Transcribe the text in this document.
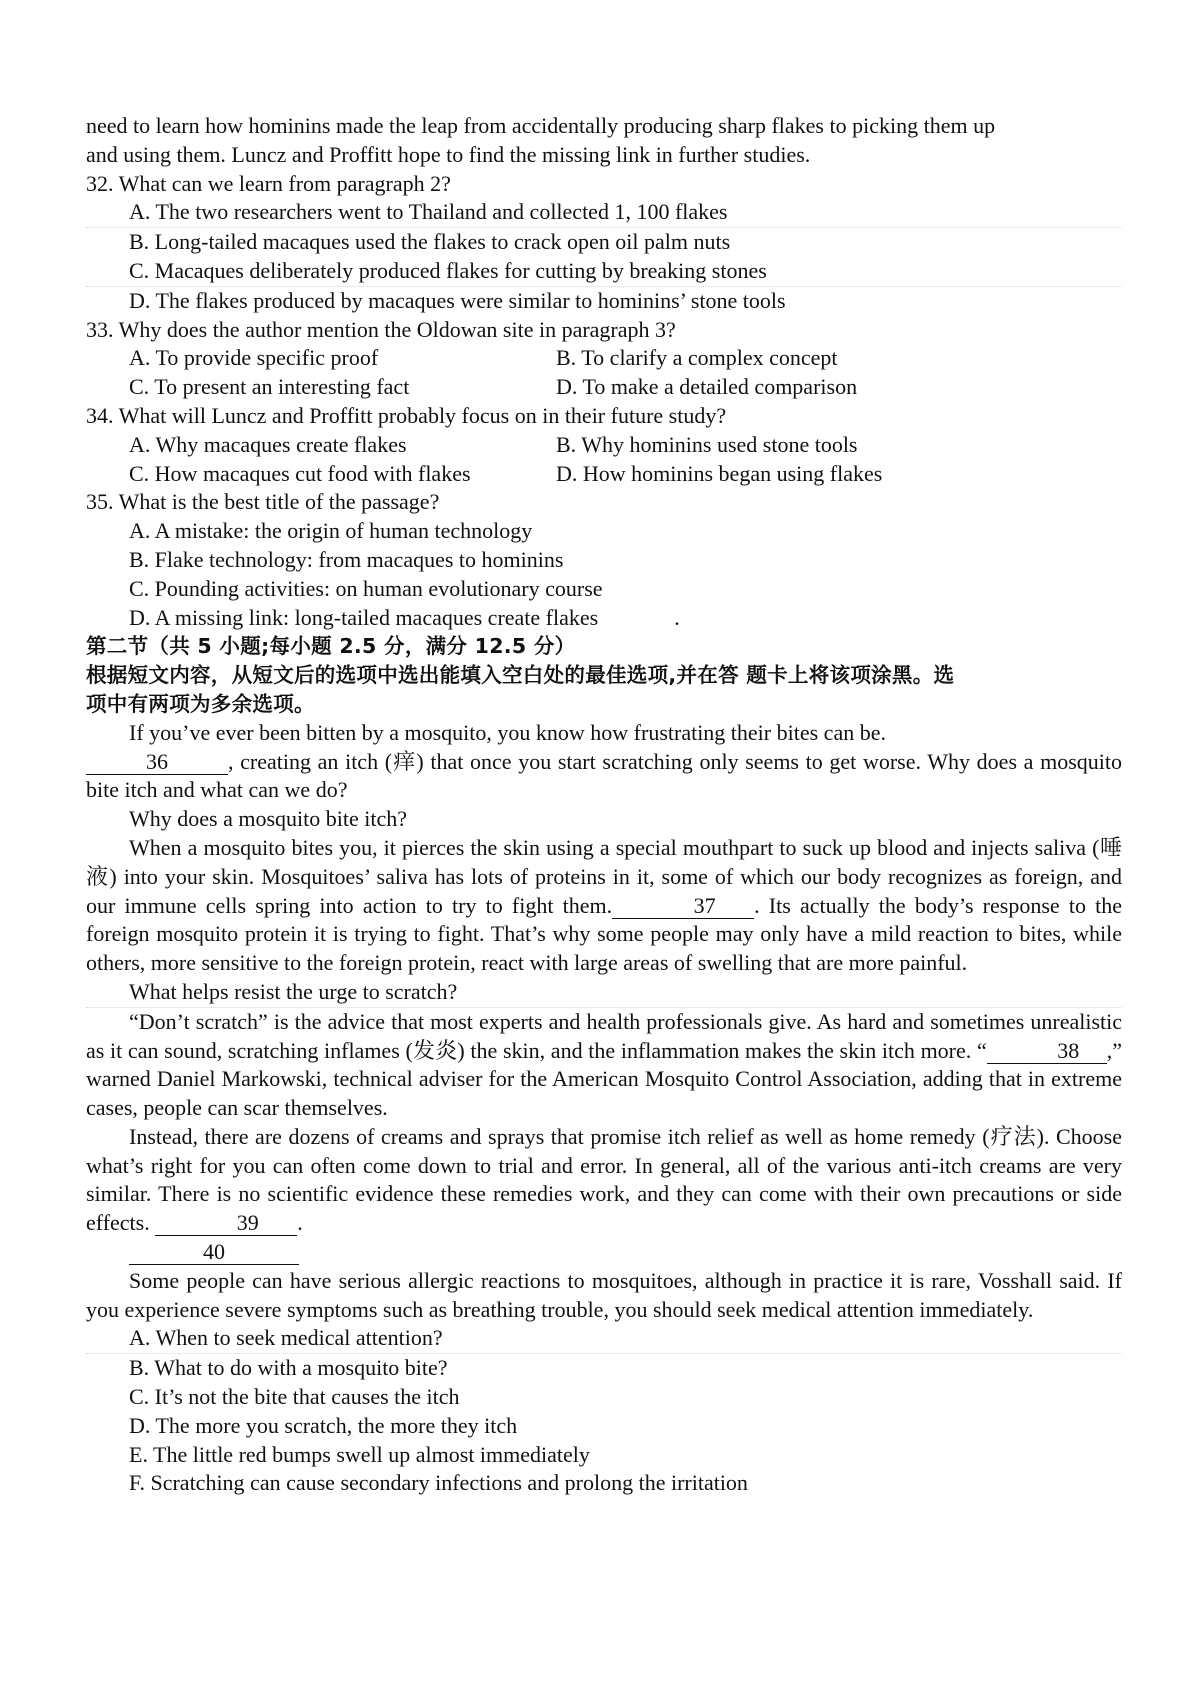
need to learn how hominins made the leap from accidentally producing sharp flakes to picking them up

and using them. Luncz and Proffitt hope to find the missing link in further studies.

32. What can we learn from paragraph 2?

A. The two researchers went to Thailand and collected 1, 100 flakes

B. Long-tailed macaques used the flakes to crack open oil palm nuts

C. Macaques deliberately produced flakes for cutting by breaking stones

D. The flakes produced by macaques were similar to hominins’ stone tools

33. Why does the author mention the Oldowan site in paragraph 3?

A. To provide specific proof	B. To clarify a complex concept
C. To present an interesting fact	D. To make a detailed comparison

34. What will Luncz and Proffitt probably focus on in their future study?

A. Why macaques create flakes	B. Why hominins used stone tools
C. How macaques cut food with flakes	D. How hominins began using flakes

35. What is the best title of the passage?

A. A mistake: the origin of human technology

B. Flake technology: from macaques to hominins

C. Pounding activities: on human evolutionary course

D. A missing link: long-tailed macaques create flakes	.

第二节（共 5 小题;每小题 2.5 分，满分 12.5 分）

根据短文内容，从短文后的选项中选出能填入空白处的最佳选项,并在答 题卡上将该项涂黑。选

项中有两项为多余选项。

If you’ve ever been bitten by a mosquito, you know how frustrating their bites can be.

36	, creating an itch (痒) that once you start scratching only seems to get worse. Why does a mosquito bite itch and what can we do?

Why does a mosquito bite itch?

When a mosquito bites you, it pierces the skin using a special mouthpart to suck up blood and injects saliva (唾液) into your skin. Mosquitoes’ saliva has lots of proteins in it, some of which our body recognizes as foreign, and our immune cells spring into action to try to fight them.	37 . Its actually the body’s response to the foreign mosquito protein it is trying to fight. That’s why some people may only have a mild reaction to bites, while others, more sensitive to the foreign protein, react with large areas of swelling that are more painful.

What helps resist the urge to scratch?

“Don’t scratch” is the advice that most experts and health professionals give. As hard and sometimes unrealistic as it can sound, scratching inflames (发炎) the skin, and the inflammation makes the skin itch more. “	38 ,” warned Daniel Markowski, technical adviser for the American Mosquito Control Association, adding that in extreme cases, people can scar themselves.

Instead, there are dozens of creams and sprays that promise itch relief as well as home remedy (疗法). Choose what’s right for you can often come down to trial and error. In general, all of the various anti-itch creams are very similar. There is no scientific evidence these remedies work, and they can come with their own precautions or side effects.	39 .

40

Some people can have serious allergic reactions to mosquitoes, although in practice it is rare, Vosshall said. If you experience severe symptoms such as breathing trouble, you should seek medical attention immediately.

A. When to seek medical attention?

B. What to do with a mosquito bite?

C. It’s not the bite that causes the itch

D. The more you scratch, the more they itch

E. The little red bumps swell up almost immediately

F. Scratching can cause secondary infections and prolong the irritation
